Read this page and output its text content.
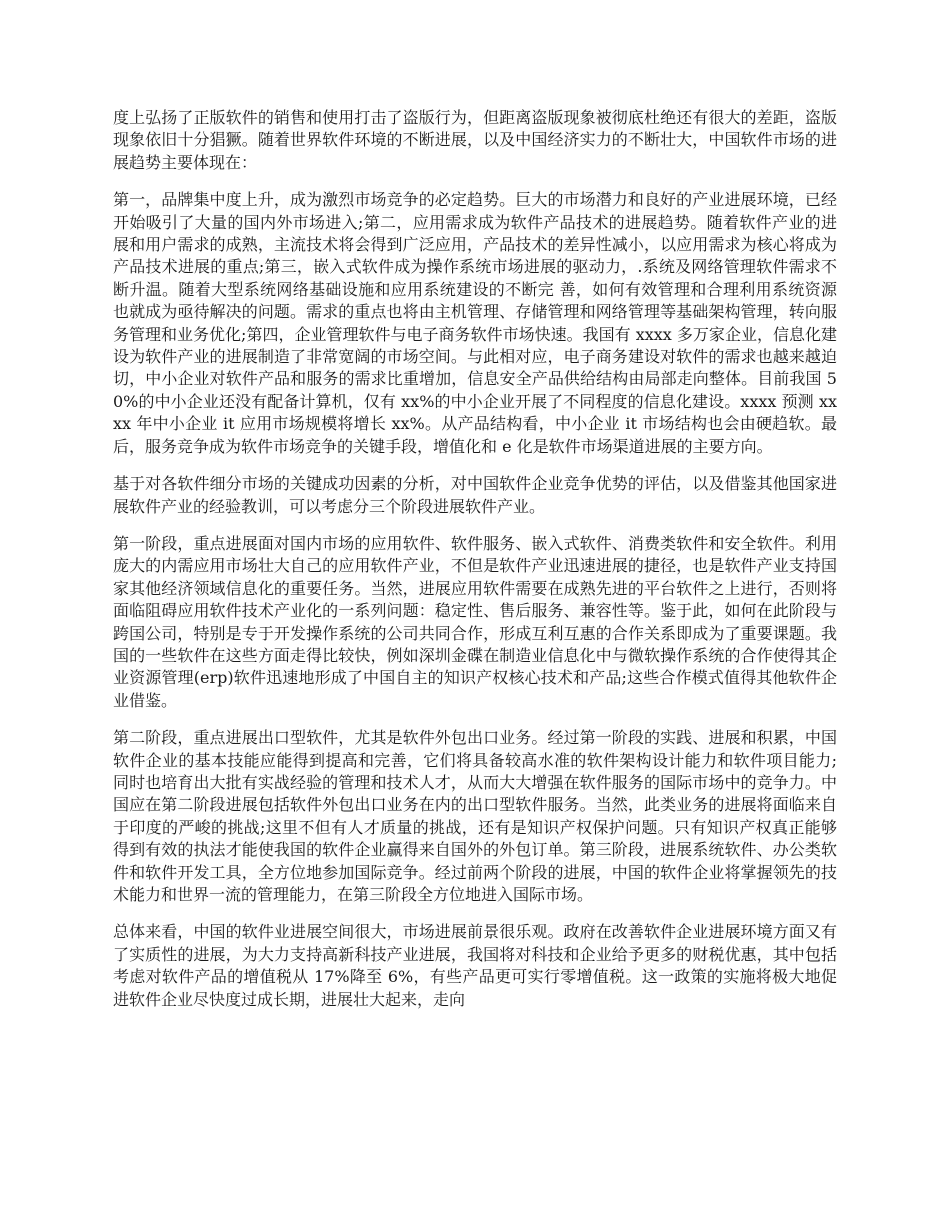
度上弘扬了正版软件的销售和使用打击了盗版行为，但距离盗版现象被彻底杜绝还有很大的差距，盗版现象依旧十分猖獗。随着世界软件环境的不断进展，以及中国经济实力的不断壮大，中国软件市场的进展趋势主要体现在：

第一，品牌集中度上升，成为激烈市场竞争的必定趋势。巨大的市场潜力和良好的产业进展环境，已经开始吸引了大量的国内外市场进入;第二，应用需求成为软件产品技术的进展趋势。随着软件产业的进展和用户需求的成熟，主流技术将会得到广泛应用，产品技术的差异性减小，以应用需求为核心将成为产品技术进展的重点;第三，嵌入式软件成为操作系统市场进展的驱动力，.系统及网络管理软件需求不断升温。随着大型系统网络基础设施和应用系统建设的不断完 善，如何有效管理和合理利用系统资源也就成为亟待解决的问题。需求的重点也将由主机管理、存储管理和网络管理等基础架构管理，转向服务管理和业务优化;第四，企业管理软件与电子商务软件市场快速。我国有 xxxx 多万家企业，信息化建设为软件产业的进展制造了非常宽阔的市场空间。与此相对应，电子商务建设对软件的需求也越来越迫切，中小企业对软件产品和服务的需求比重增加，信息安全产品供给结构由局部走向整体。目前我国 50%的中小企业还没有配备计算机，仅有 xx%的中小企业开展了不同程度的信息化建设。xxxx 预测 xxxx 年中小企业 it 应用市场规模将增长 xx%。从产品结构看，中小企业 it 市场结构也会由硬趋软。最后，服务竞争成为软件市场竞争的关键手段，增值化和 e 化是软件市场渠道进展的主要方向。

基于对各软件细分市场的关键成功因素的分析，对中国软件企业竞争优势的评估，以及借鉴其他国家进展软件产业的经验教训，可以考虑分三个阶段进展软件产业。

第一阶段，重点进展面对国内市场的应用软件、软件服务、嵌入式软件、消费类软件和安全软件。利用庞大的内需应用市场壮大自己的应用软件产业，不但是软件产业迅速进展的捷径，也是软件产业支持国家其他经济领域信息化的重要任务。当然，进展应用软件需要在成熟先进的平台软件之上进行，否则将面临阻碍应用软件技术产业化的一系列问题：稳定性、售后服务、兼容性等。鉴于此，如何在此阶段与跨国公司，特别是专于开发操作系统的公司共同合作，形成互利互惠的合作关系即成为了重要课题。我国的一些软件在这些方面走得比较快，例如深圳金碟在制造业信息化中与微软操作系统的合作使得其企业资源管理(erp)软件迅速地形成了中国自主的知识产权核心技术和产品;这些合作模式值得其他软件企业借鉴。

第二阶段，重点进展出口型软件，尤其是软件外包出口业务。经过第一阶段的实践、进展和积累，中国软件企业的基本技能应能得到提高和完善，它们将具备较高水准的软件架构设计能力和软件项目能力;同时也培育出大批有实战经验的管理和技术人才，从而大大增强在软件服务的国际市场中的竞争力。中国应在第二阶段进展包括软件外包出口业务在内的出口型软件服务。当然，此类业务的进展将面临来自于印度的严峻的挑战;这里不但有人才质量的挑战，还有是知识产权保护问题。只有知识产权真正能够得到有效的执法才能使我国的软件企业赢得来自国外的外包订单。第三阶段，进展系统软件、办公类软件和软件开发工具，全方位地参加国际竞争。经过前两个阶段的进展，中国的软件企业将掌握领先的技术能力和世界一流的管理能力，在第三阶段全方位地进入国际市场。

总体来看，中国的软件业进展空间很大，市场进展前景很乐观。政府在改善软件企业进展环境方面又有了实质性的进展，为大力支持高新科技产业进展，我国将对科技和企业给予更多的财税优惠，其中包括考虑对软件产品的增值税从 17%降至 6%，有些产品更可实行零增值税。这一政策的实施将极大地促进软件企业尽快度过成长期，进展壮大起来，走向
